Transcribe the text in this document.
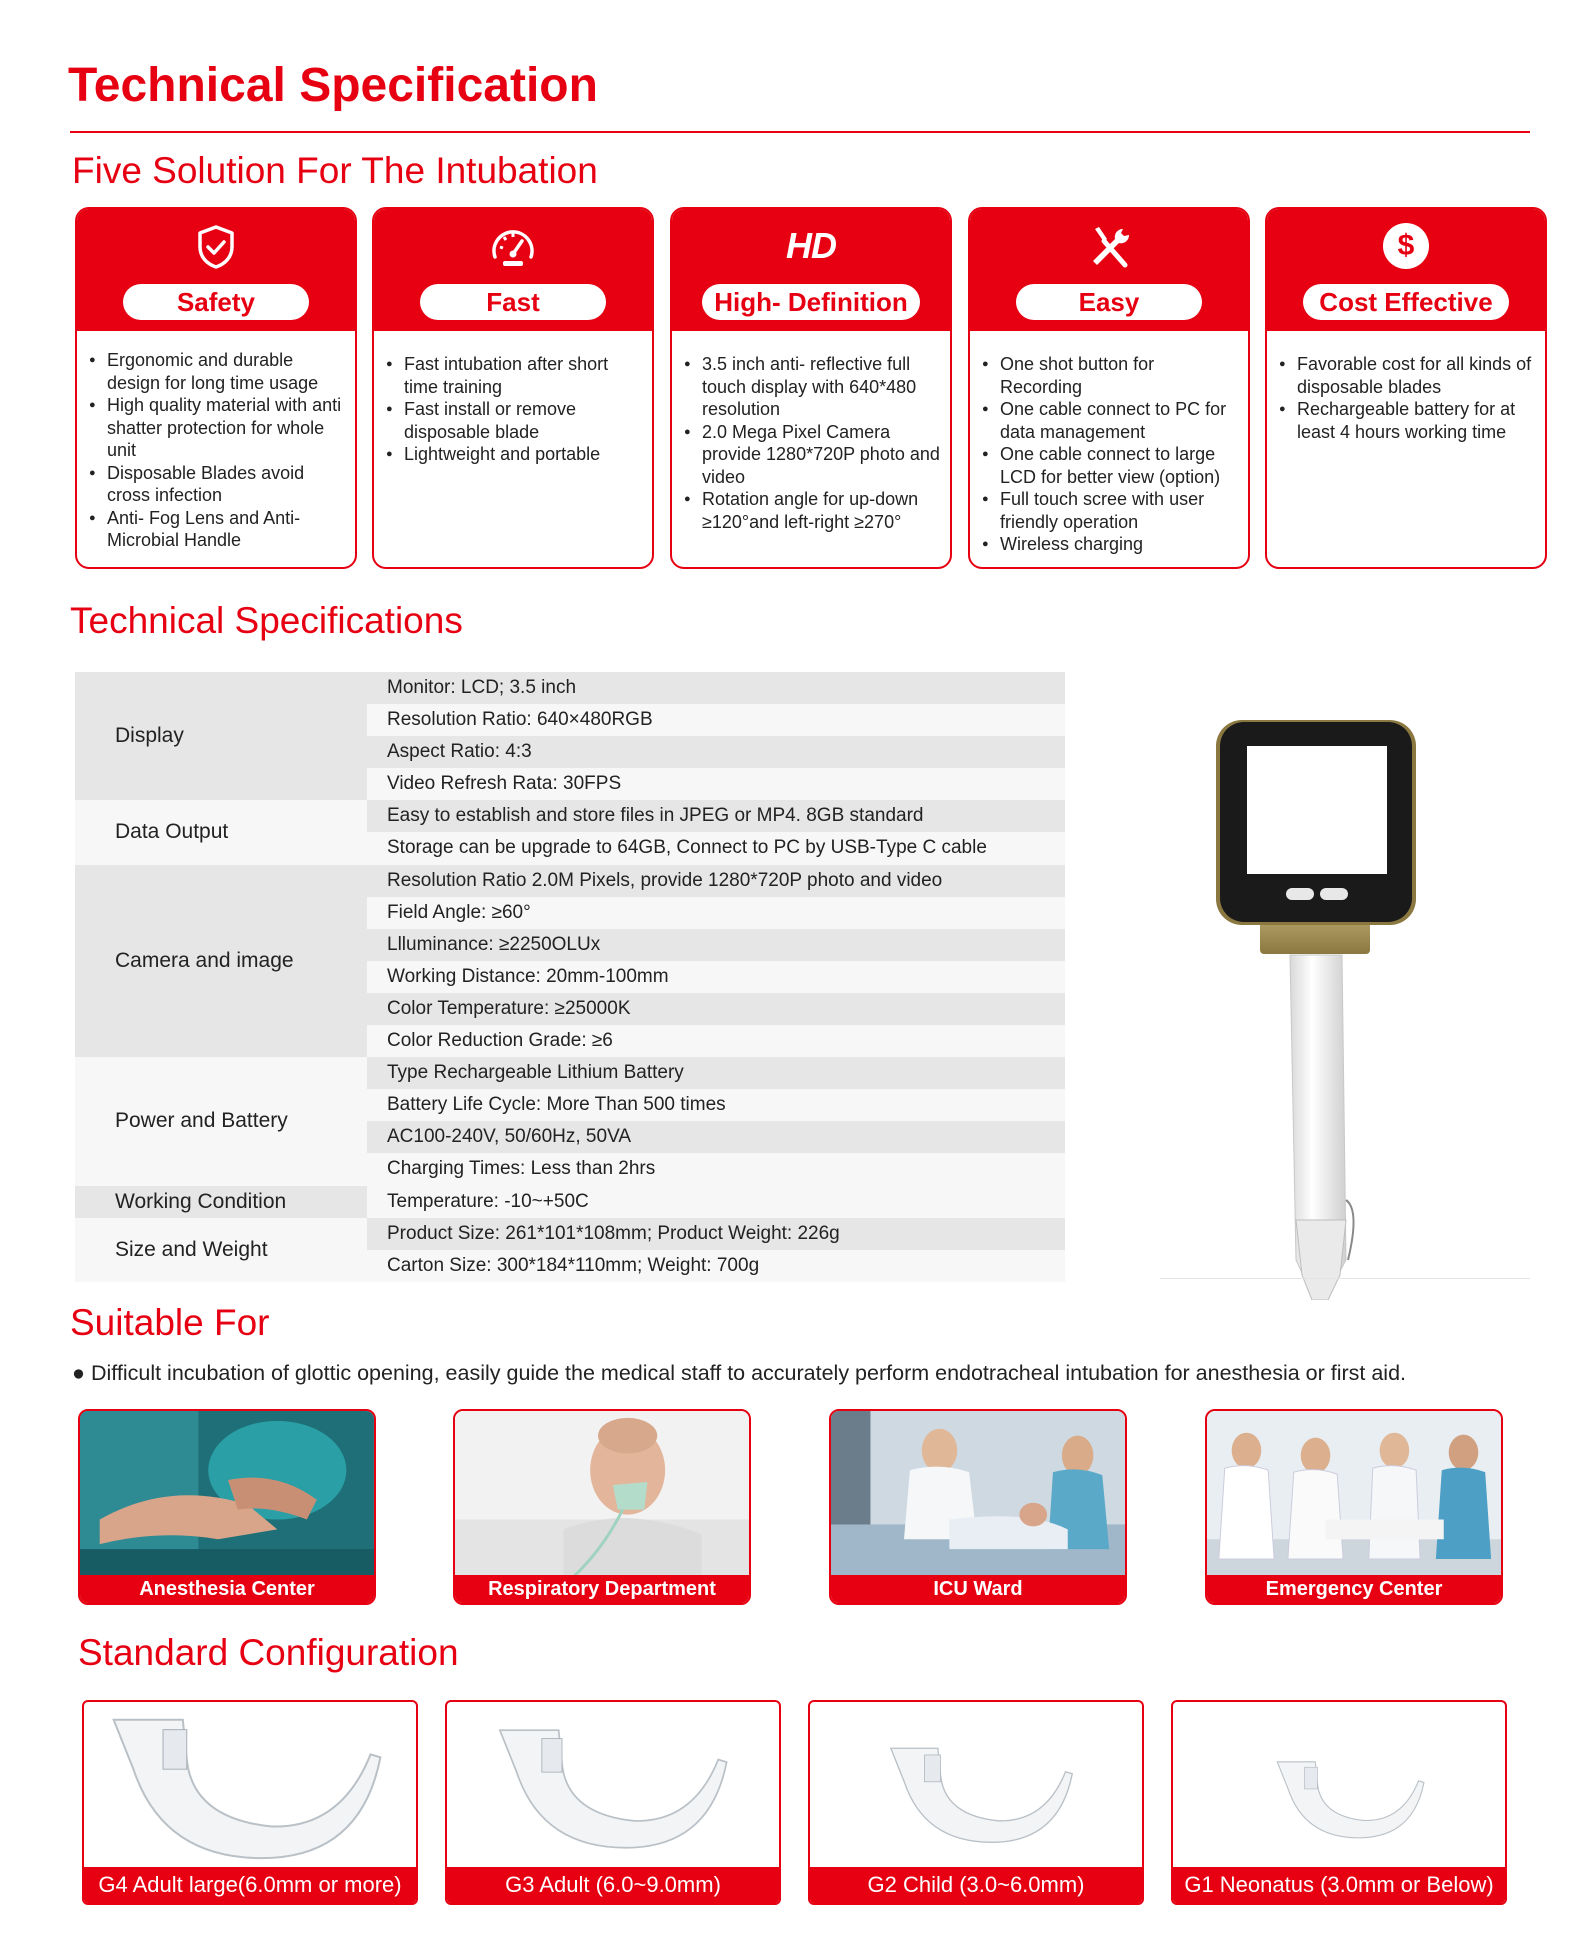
Technical Specification
Five Solution For The Intubation
Safety
● Ergonomic and durable design for long time usage
● High quality material with anti shatter protection for whole unit
● Disposable Blades avoid cross infection
● Anti- Fog Lens and Anti-Microbial Handle
Fast
● Fast intubation after short time training
● Fast install or remove disposable blade
● Lightweight and portable
HD
High- Definition
● 3.5 inch anti- reflective full touch display with 640*480 resolution
● 2.0 Mega Pixel Camera provide 1280*720P photo and video
● Rotation angle for up-down ≥120°and left-right ≥270°
Easy
● One shot button for Recording
● One cable connect to PC for data management
● One cable connect to large LCD for better view (option)
● Full touch scree with user friendly operation
● Wireless charging
$
Cost Effective
● Favorable cost for all kinds of disposable blades
● Rechargeable battery for at least 4 hours working time
Technical Specifications
Display
Monitor: LCD; 3.5 inch
Resolution Ratio: 640×480RGB
Aspect Ratio: 4:3
Video Refresh Rata: 30FPS
Data Output
Easy to establish and store files in JPEG or MP4. 8GB standard
Storage can be upgrade to 64GB, Connect to PC by USB-Type C cable
Camera and image
Resolution Ratio 2.0M Pixels, provide 1280*720P photo and video
Field Angle: ≥60°
Llluminance: ≥2250OLUx
Working Distance: 20mm-100mm
Color Temperature: ≥25000K
Color Reduction Grade: ≥6
Power and Battery
Type Rechargeable Lithium Battery
Battery Life Cycle: More Than 500 times
AC100-240V, 50/60Hz, 50VA
Charging Times: Less than 2hrs
Working Condition	Temperature: -10~+50C
Size and Weight
Product Size: 261*101*108mm; Product Weight: 226g
Carton Size: 300*184*110mm; Weight: 700g
Suitable For
● Difficult incubation of glottic opening, easily guide the medical staff to accurately perform endotracheal intubation for anesthesia or first aid.
Anesthesia Center	Respiratory Department	ICU Ward	Emergency Center
Standard Configuration
G4 Adult large(6.0mm or more)	G3 Adult (6.0~9.0mm)	G2 Child (3.0~6.0mm)	G1 Neonatus (3.0mm or Below)
